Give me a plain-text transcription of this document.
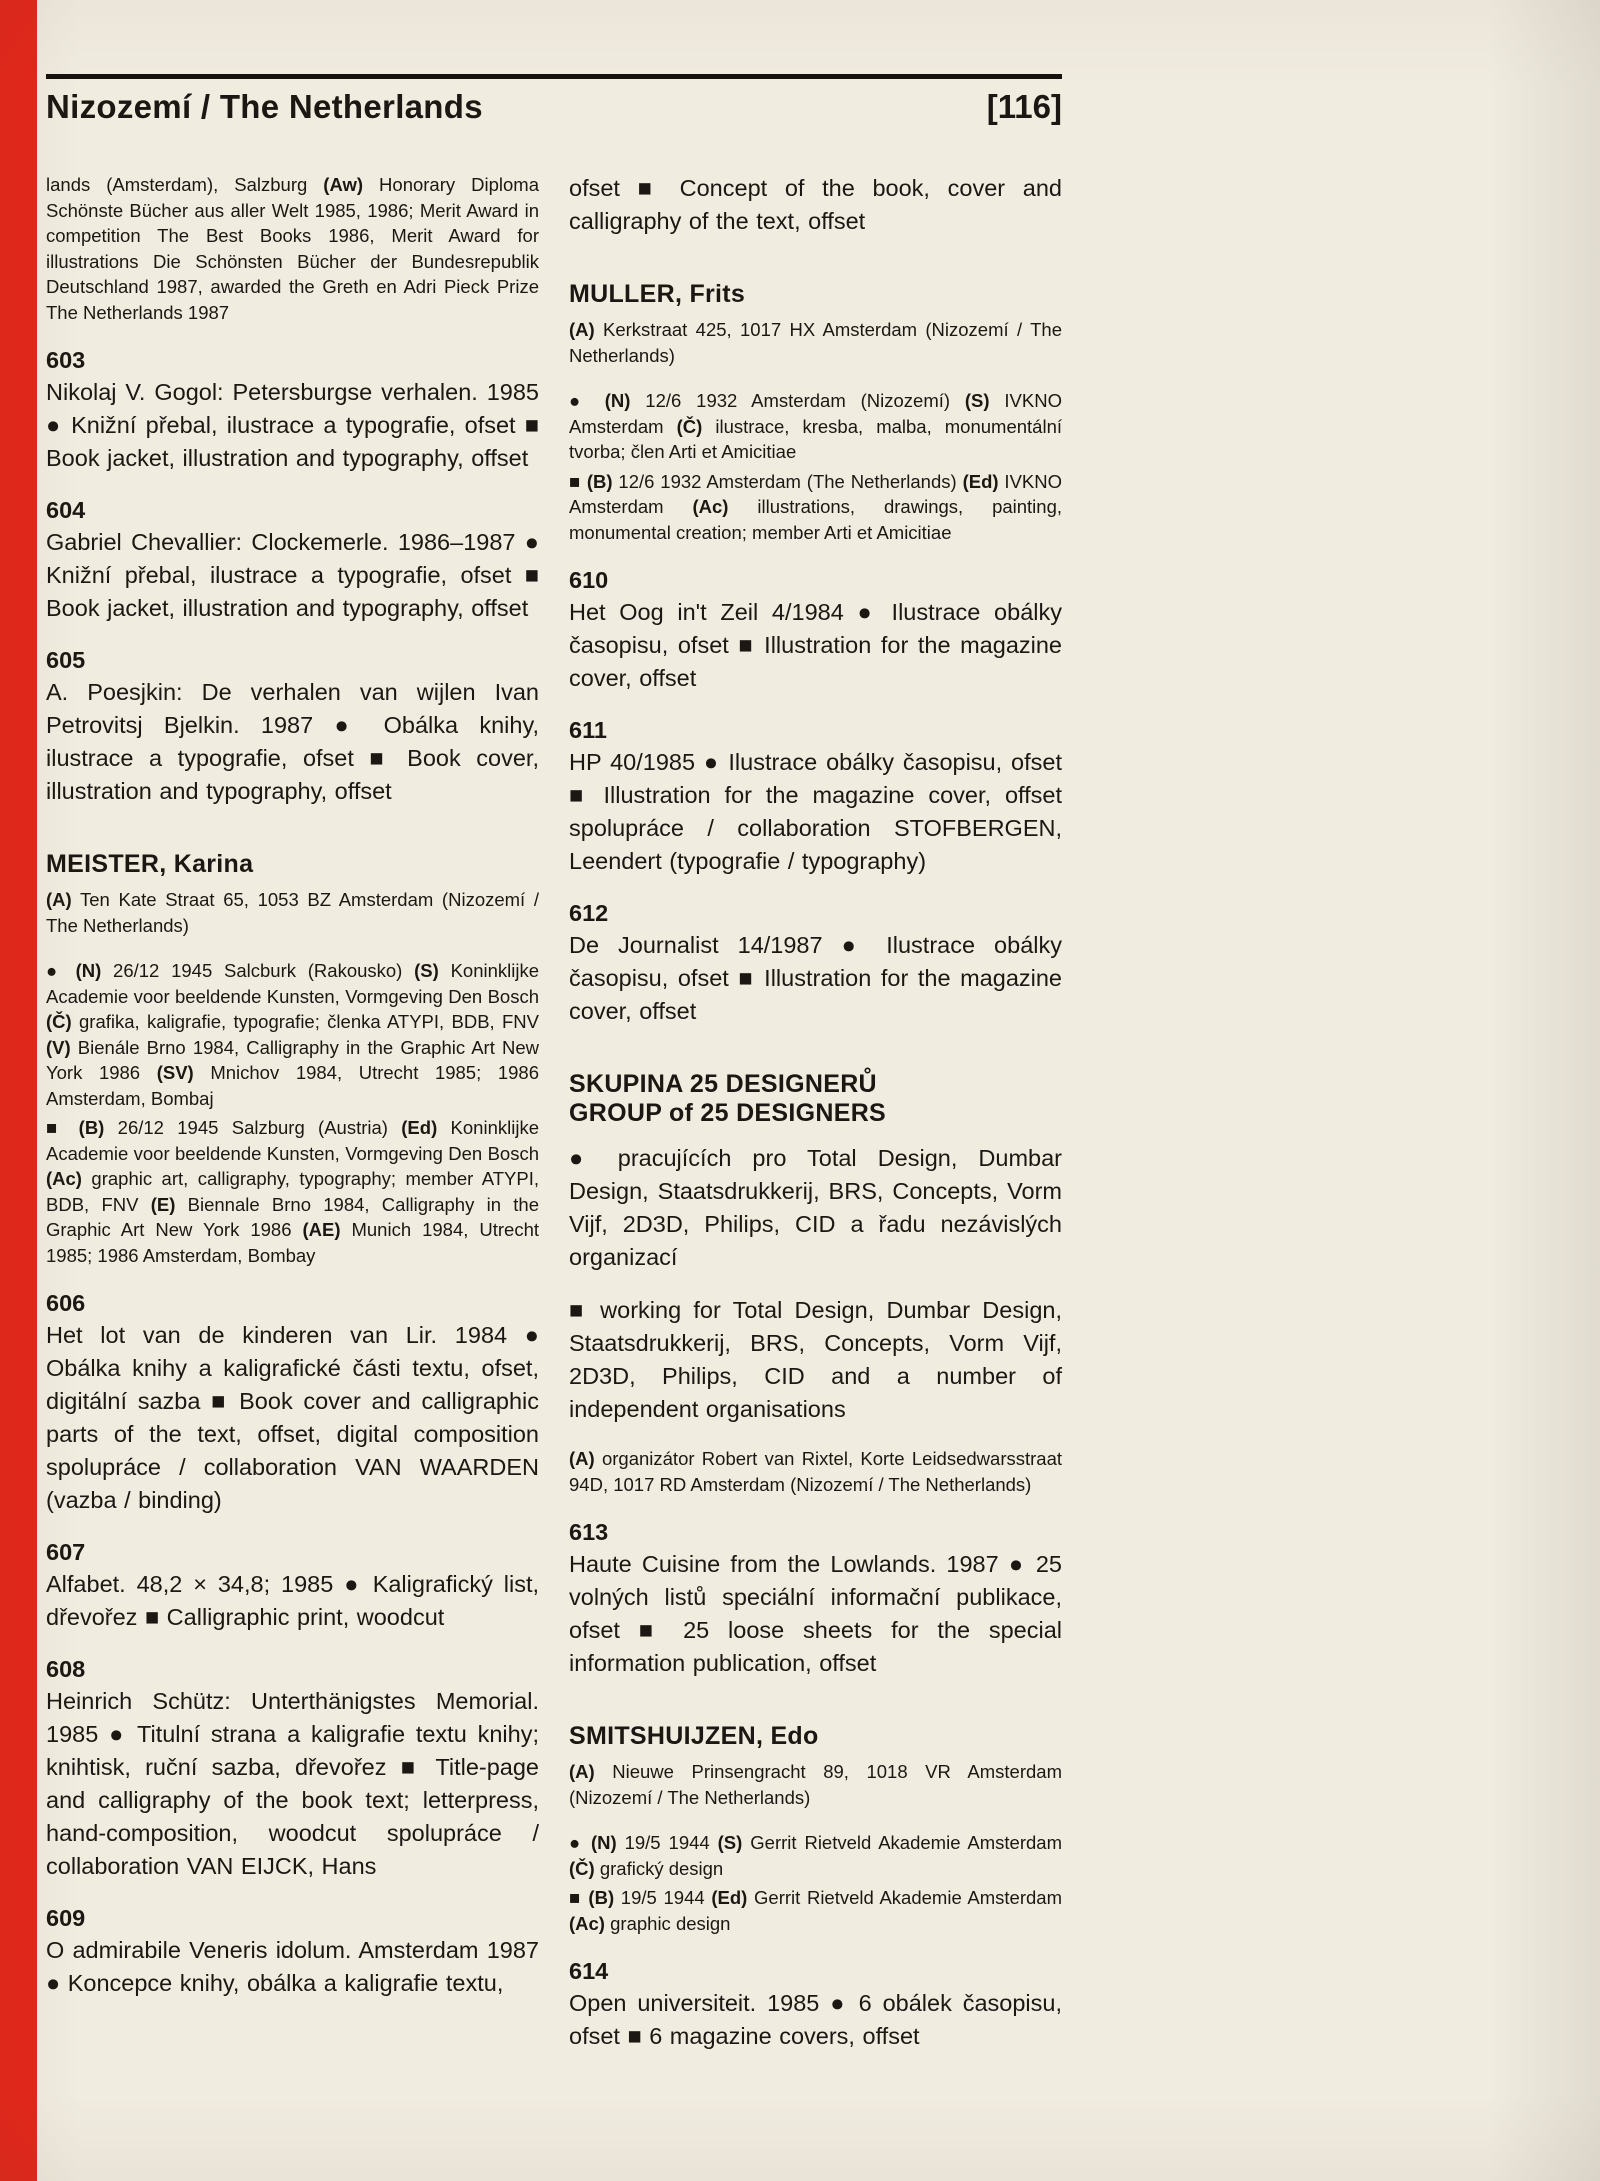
Nizozemí / The Netherlands	[116]

lands (Amsterdam), Salzburg (Aw) Honorary Diploma Schönste Bücher aus aller Welt 1985, 1986; Merit Award in competition The Best Books 1986, Merit Award for illustrations Die Schönsten Bücher der Bundesrepublik Deutschland 1987, awarded the Greth en Adri Pieck Prize The Netherlands 1987

603

Nikolaj V. Gogol: Petersburgse verhalen. 1985 ● Knižní přebal, ilustrace a typografie, ofset ■ Book jacket, illustration and typography, offset

604

Gabriel Chevallier: Clockemerle. 1986–1987 ● Knižní přebal, ilustrace a typografie, ofset ■ Book jacket, illustration and typography, offset

605

A. Poesjkin: De verhalen van wijlen Ivan Petrovitsj Bjelkin. 1987 ● Obálka knihy, ilustrace a typografie, ofset ■ Book cover, illustration and typography, offset

MEISTER, Karina

(A) Ten Kate Straat 65, 1053 BZ Amsterdam (Nizozemí / The Netherlands)

● (N) 26/12 1945 Salcburk (Rakousko) (S) Koninklijke Academie voor beeldende Kunsten, Vormgeving Den Bosch (Č) grafika, kaligrafie, typografie; členka ATYPI, BDB, FNV (V) Bienále Brno 1984, Calligraphy in the Graphic Art New York 1986 (SV) Mnichov 1984, Utrecht 1985; 1986 Amsterdam, Bombaj

■ (B) 26/12 1945 Salzburg (Austria) (Ed) Koninklijke Academie voor beeldende Kunsten, Vormgeving Den Bosch (Ac) graphic art, calligraphy, typography; member ATYPI, BDB, FNV (E) Biennale Brno 1984, Calligraphy in the Graphic Art New York 1986 (AE) Munich 1984, Utrecht 1985; 1986 Amsterdam, Bombay

606

Het lot van de kinderen van Lir. 1984 ● Obálka knihy a kaligrafické části textu, ofset, digitální sazba ■ Book cover and calligraphic parts of the text, offset, digital composition spolupráce / collaboration VAN WAARDEN (vazba / binding)

607

Alfabet. 48,2 × 34,8; 1985 ● Kaligrafický list, dřevořez ■ Calligraphic print, woodcut

608

Heinrich Schütz: Unterthänigstes Memorial. 1985 ● Titulní strana a kaligrafie textu knihy; knihtisk, ruční sazba, dřevořez ■ Title-page and calligraphy of the book text; letterpress, hand-composition, woodcut spolupráce / collaboration VAN EIJCK, Hans

609

O admirabile Veneris idolum. Amsterdam 1987 ● Koncepce knihy, obálka a kaligrafie textu,

ofset ■ Concept of the book, cover and calligraphy of the text, offset

MULLER, Frits

(A) Kerkstraat 425, 1017 HX Amsterdam (Nizozemí / The Netherlands)

● (N) 12/6 1932 Amsterdam (Nizozemí) (S) IVKNO Amsterdam (Č) ilustrace, kresba, malba, monumentální tvorba; člen Arti et Amicitiae

■ (B) 12/6 1932 Amsterdam (The Netherlands) (Ed) IVKNO Amsterdam (Ac) illustrations, drawings, painting, monumental creation; member Arti et Amicitiae

610

Het Oog in't Zeil 4/1984 ● Ilustrace obálky časopisu, ofset ■ Illustration for the magazine cover, offset

611

HP 40/1985 ● Ilustrace obálky časopisu, ofset ■ Illustration for the magazine cover, offset spolupráce / collaboration STOFBERGEN, Leendert (typografie / typography)

612

De Journalist 14/1987 ● Ilustrace obálky časopisu, ofset ■ Illustration for the magazine cover, offset

SKUPINA 25 DESIGNERŮ
GROUP of 25 DESIGNERS

● pracujících pro Total Design, Dumbar Design, Staatsdrukkerij, BRS, Concepts, Vorm Vijf, 2D3D, Philips, CID a řadu nezávislých organizací

■ working for Total Design, Dumbar Design, Staatsdrukkerij, BRS, Concepts, Vorm Vijf, 2D3D, Philips, CID and a number of independent organisations

(A) organizátor Robert van Rixtel, Korte Leidsedwarsstraat 94D, 1017 RD Amsterdam (Nizozemí / The Netherlands)

613

Haute Cuisine from the Lowlands. 1987 ● 25 volných listů speciální informační publikace, ofset ■ 25 loose sheets for the special information publication, offset

SMITSHUIJZEN, Edo

(A) Nieuwe Prinsengracht 89, 1018 VR Amsterdam (Nizozemí / The Netherlands)

● (N) 19/5 1944 (S) Gerrit Rietveld Akademie Amsterdam (Č) grafický design

■ (B) 19/5 1944 (Ed) Gerrit Rietveld Akademie Amsterdam (Ac) graphic design

614

Open universiteit. 1985 ● 6 obálek časopisu, ofset ■ 6 magazine covers, offset
